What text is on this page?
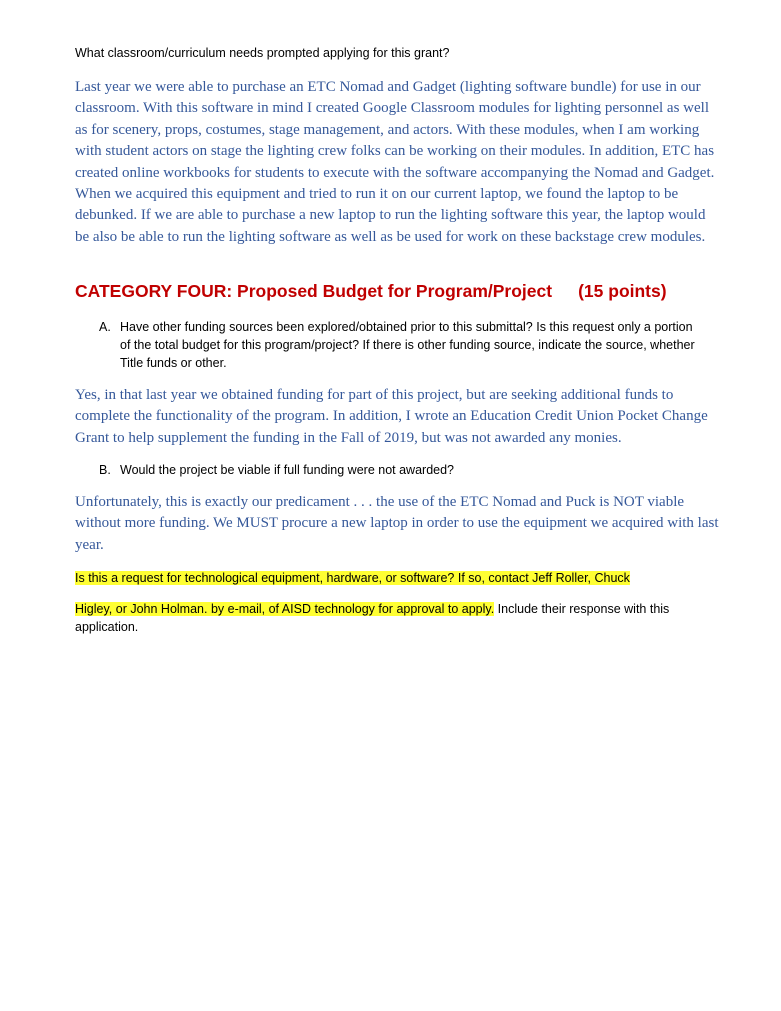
What classroom/curriculum needs prompted applying for this grant?
Last year we were able to purchase an ETC Nomad and Gadget (lighting software bundle) for use in our classroom. With this software in mind I created Google Classroom modules for lighting personnel as well as for scenery, props, costumes, stage management, and actors. With these modules, when I am working with student actors on stage the lighting crew folks can be working on their modules. In addition, ETC has created online workbooks for students to execute with the software accompanying the Nomad and Gadget. When we acquired this equipment and tried to run it on our current laptop, we found the laptop to be debunked. If we are able to purchase a new laptop to run the lighting software this year, the laptop would be also be able to run the lighting software as well as be used for work on these backstage crew modules.
CATEGORY FOUR: Proposed Budget for Program/Project (15 points)
A. Have other funding sources been explored/obtained prior to this submittal? Is this request only a portion of the total budget for this program/project? If there is other funding source, indicate the source, whether Title funds or other.
Yes, in that last year we obtained funding for part of this project, but are seeking additional funds to complete the functionality of the program. In addition, I wrote an Education Credit Union Pocket Change Grant to help supplement the funding in the Fall of 2019, but was not awarded any monies.
B. Would the project be viable if full funding were not awarded?
Unfortunately, this is exactly our predicament . . . the use of the ETC Nomad and Puck is NOT viable without more funding. We MUST procure a new laptop in order to use the equipment we acquired with last year.
Is this a request for technological equipment, hardware, or software? If so, contact Jeff Roller, Chuck
Higley, or John Holman. by e-mail, of AISD technology for approval to apply. Include their response with this application.
